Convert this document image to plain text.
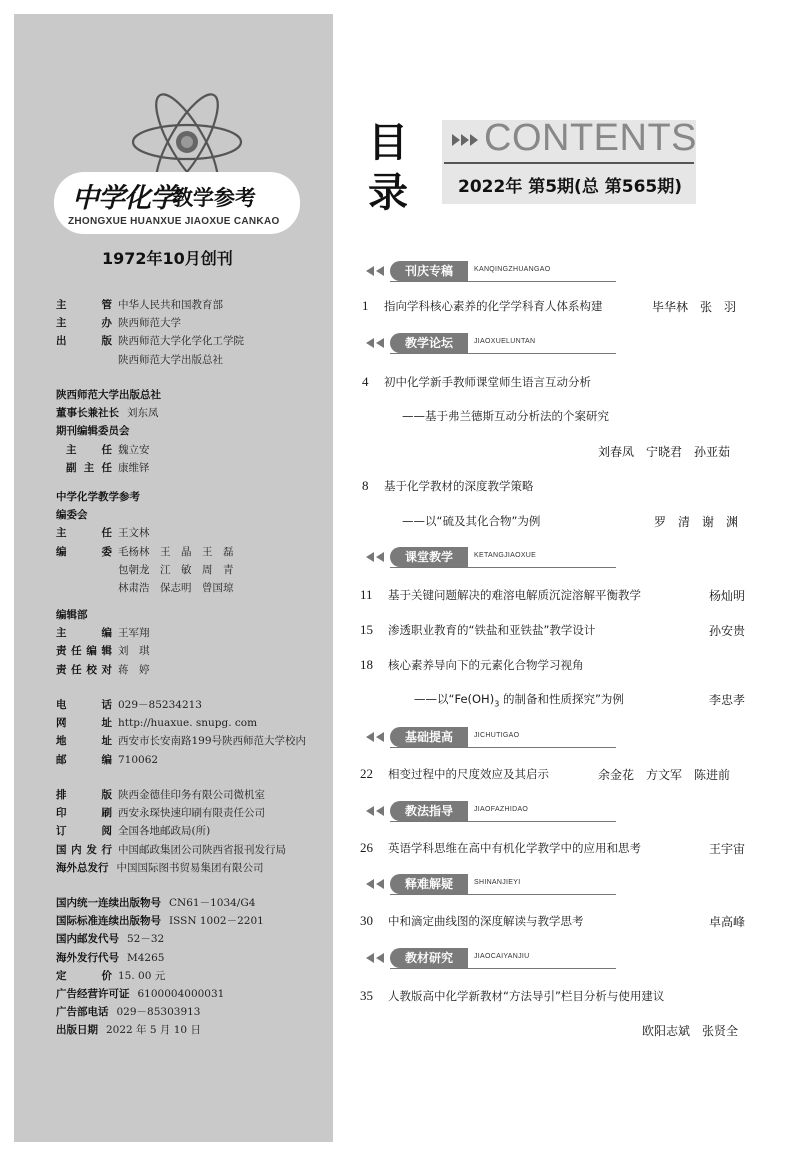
中学化学
教学参考
ZHONGXUE HUANXUE JIAOXUE CANKAO
1972年10月创刊
主　管 中华人民共和国教育部
主　办 陕西师范大学
出　版 陕西师范大学化学化工学院
陕西师范大学出版总社
陕西师范大学出版总社
董事长兼社长 刘东凤
期刊编辑委员会
主　任 魏立安
副主任 康维铎
中学化学教学参考
编委会
主　任 王文林
编　委 毛杨林　王　晶　王　磊
包朝龙　江　敏　周　青
林肃浩　保志明　曾国琼
编辑部
主　编 王军翔
责任编辑 刘　琪
责任校对 蒋　婷
电　话 029－85234213
网　址 http://huaxue. snupg. com
地　址 西安市长安南路199号陕西师范大学校内
邮　编 710062
排　版 陕西金德佳印务有限公司微机室
印　刷 西安永琛快速印刷有限责任公司
订　阅 全国各地邮政局(所)
国内发行 中国邮政集团公司陕西省报刊发行局
海外总发行 中国国际图书贸易集团有限公司
国内统一连续出版物号 CN61－1034/G4
国际标准连续出版物号 ISSN 1002－2201
国内邮发代号 52－32
海外发行代号 M4265
定　价 15. 00 元
广告经营许可证 6100004000031
广告部电话 029－85303913
出版日期 2022 年 5 月 10 日
目
录
CONTENTS
2022年 第5期(总 第565期)
刊庆专稿	KANQINGZHUANGAO
1 指向学科核心素养的化学学科育人体系构建	毕华林　张　羽
教学论坛	JIAOXUELUNTAN
4 初中化学新手教师课堂师生语言互动分析
——基于弗兰德斯互动分析法的个案研究
刘春凤　宁晓君　孙亚茹
8 基于化学教材的深度教学策略
——以“硫及其化合物”为例	罗　清　谢　渊
课堂教学	KETANGJIAOXUE
11 基于关键问题解决的难溶电解质沉淀溶解平衡教学	杨灿明
15 渗透职业教育的“铁盐和亚铁盐”教学设计	孙安贵
18 核心素养导向下的元素化合物学习视角
——以“$Fe(OH)_3$ 的制备和性质探究”为例	李忠孝
基础提高	JICHUTIGAO
22 相变过程中的尺度效应及其启示	余金花　方文军　陈进前
教法指导	JIAOFAZHIDAO
26 英语学科思维在高中有机化学教学中的应用和思考	王宇宙
释难解疑	SHINANJIEYI
30 中和滴定曲线图的深度解读与教学思考	卓高峰
教材研究	JIAOCAIYANJIU
35 人教版高中化学新教材“方法导引”栏目分析与使用建议
欧阳志斌　张贤全
